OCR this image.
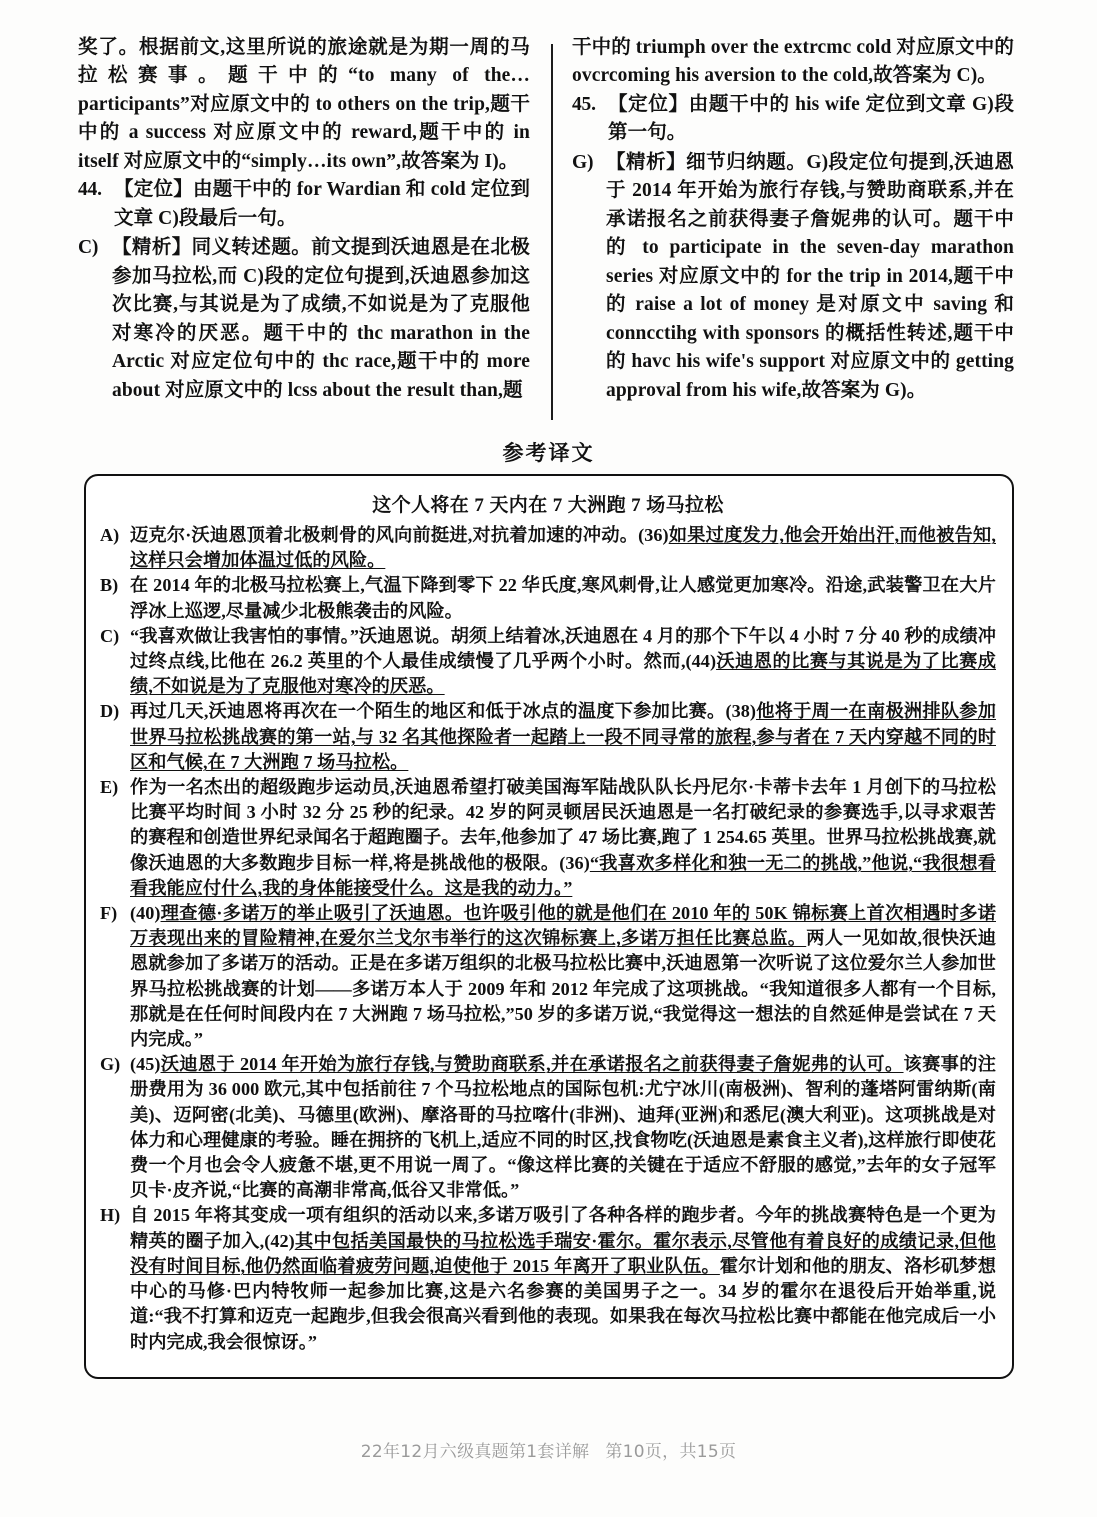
奖了。根据前文,这里所说的旅途就是为期一周的马拉松赛事。题干中的“to many of the…participants”对应原文中的 to others on the trip,题干中的 a success 对应原文中的 reward,题干中的 in itself 对应原文中的“simply…its own”,故答案为 I)。
44. 【定位】由题干中的 for Wardian 和 cold 定位到文章 C)段最后一句。
C) 【精析】同义转述题。前文提到沃迪恩是在北极参加马拉松,而 C)段的定位句提到,沃迪恩参加这次比赛,与其说是为了成绩,不如说是为了克服他对寒冷的厌恶。题干中的 thc marathon in the Arctic 对应定位句中的 thc race,题干中的 more about 对应原文中的 lcss about the result than,题
干中的 triumph over the extrcmc cold 对应原文中的 ovcrcoming his aversion to the cold,故答案为 C)。
45. 【定位】由题干中的 his wife 定位到文章 G)段第一句。
G) 【精析】细节归纳题。G)段定位句提到,沃迪恩于 2014 年开始为旅行存钱,与赞助商联系,并在承诺报名之前获得妻子詹妮弗的认可。题干中的 to participate in the seven-day marathon series 对应原文中的 for the trip in 2014,题干中的 raise a lot of money 是对原文中 saving 和 conncctihg with sponsors 的概括性转述,题干中的 havc his wife's support 对应原文中的 getting approval from his wife,故答案为 G)。
参考译文
这个人将在 7 天内在 7 大洲跑 7 场马拉松
A) 迈克尔·沃迪恩顶着北极刺骨的风向前挺进,对抗着加速的冲动。(36)如果过度发力,他会开始出汗,而他被告知,这样只会增加体温过低的风险。
B) 在 2014 年的北极马拉松赛上,气温下降到零下 22 华氏度,寒风刺骨,让人感觉更加寒冷。沿途,武装警卫在大片浮冰上巡逻,尽量减少北极熊袭击的风险。
C) “我喜欢做让我害怕的事情。”沃迪恩说。胡须上结着冰,沃迪恩在 4 月的那个下午以 4 小时 7 分 40 秒的成绩冲过终点线,比他在 26.2 英里的个人最佳成绩慢了几乎两个小时。然而,(44)沃迪恩的比赛与其说是为了比赛成绩,不如说是为了克服他对寒冷的厌恶。
D) 再过几天,沃迪恩将再次在一个陌生的地区和低于冰点的温度下参加比赛。(38)他将于周一在南极洲排队参加世界马拉松挑战赛的第一站,与 32 名其他探险者一起踏上一段不同寻常的旅程,参与者在 7 天内穿越不同的时区和气候,在 7 大洲跑 7 场马拉松。
E) 作为一名杰出的超级跑步运动员,沃迪恩希望打破美国海军陆战队队长丹尼尔·卡蒂卡去年 1 月创下的马拉松比赛平均时间 3 小时 32 分 25 秒的纪录。42 岁的阿灵顿居民沃迪恩是一名打破纪录的参赛选手,以寻求艰苦的赛程和创造世界纪录闻名于超跑圈子。去年,他参加了 47 场比赛,跑了 1 254.65 英里。世界马拉松挑战赛,就像沃迪恩的大多数跑步目标一样,将是挑战他的极限。(36)“我喜欢多样化和独一无二的挑战,”他说,“我很想看看我能应付什么,我的身体能接受什么。这是我的动力。”
F) (40)理查德·多诺万的举止吸引了沃迪恩。也许吸引他的就是他们在 2010 年的 50K 锦标赛上首次相遇时多诺万表现出来的冒险精神,在爱尔兰戈尔韦举行的这次锦标赛上,多诺万担任比赛总监。两人一见如故,很快沃迪恩就参加了多诺万的活动。正是在多诺万组织的北极马拉松比赛中,沃迪恩第一次听说了这位爱尔兰人参加世界马拉松挑战赛的计划——多诺万本人于 2009 年和 2012 年完成了这项挑战。“我知道很多人都有一个目标,那就是在任何时间段内在 7 大洲跑 7 场马拉松,”50 岁的多诺万说,“我觉得这一想法的自然延伸是尝试在 7 天内完成。”
G) (45)沃迪恩于 2014 年开始为旅行存钱,与赞助商联系,并在承诺报名之前获得妻子詹妮弗的认可。该赛事的注册费用为 36 000 欧元,其中包括前往 7 个马拉松地点的国际包机:尤宁冰川(南极洲)、智利的蓬塔阿雷纳斯(南美)、迈阿密(北美)、马德里(欧洲)、摩洛哥的马拉喀什(非洲)、迪拜(亚洲)和悉尼(澳大利亚)。这项挑战是对体力和心理健康的考验。睡在拥挤的飞机上,适应不同的时区,找食物吃(沃迪恩是素食主义者),这样旅行即使花费一个月也会令人疲惫不堪,更不用说一周了。“像这样比赛的关键在于适应不舒服的感觉,”去年的女子冠军贝卡·皮齐说,“比赛的高潮非常高,低谷又非常低。”
H) 自 2015 年将其变成一项有组织的活动以来,多诺万吸引了各种各样的跑步者。今年的挑战赛特色是一个更为精英的圈子加入,(42)其中包括美国最快的马拉松选手瑞安·霍尔。霍尔表示,尽管他有着良好的成绩记录,但他没有时间目标,他仍然面临着疲劳问题,迫使他于 2015 年离开了职业队伍。霍尔计划和他的朋友、洛杉矶梦想中心的马修·巴内特牧师一起参加比赛,这是六名参赛的美国男子之一。34 岁的霍尔在退役后开始举重,说道:“我不打算和迈克一起跑步,但我会很高兴看到他的表现。如果我在每次马拉松比赛中都能在他完成后一小时内完成,我会很惊讶。”
22年12月六级真题第1套详解 第10页，共15页
